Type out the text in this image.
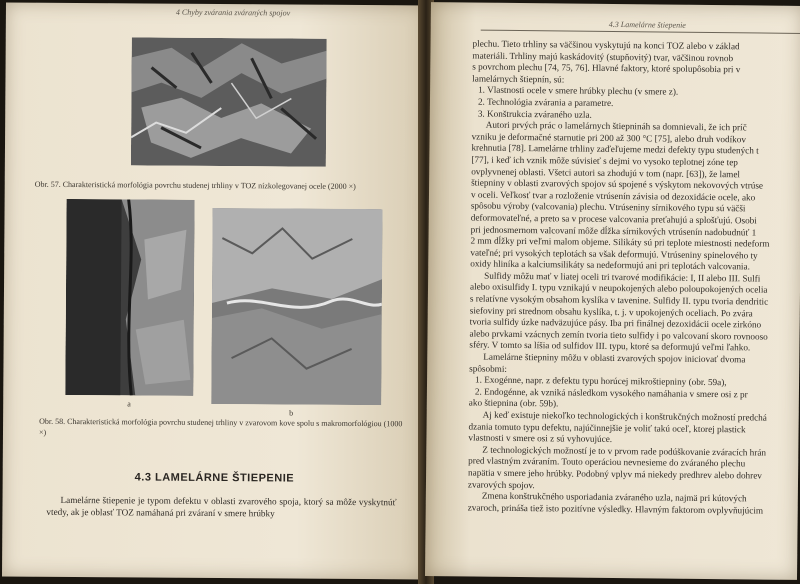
4 Chyby zvárania zváraných spojov
Obr. 57. Charakteristická morfológia povrchu studenej trhliny v TOZ nízkolegovanej ocele (2000 ×)
a
b
Obr. 58. Charakteristická morfológia povrchu studenej trhliny v zvarovom kove spolu s makromorfológiou (1000 ×)
4.3 LAMELÁRNE ŠTIEPENIE

Lamelárne štiepenie je typom defektu v oblasti zvarového spoja, ktorý sa môže vyskytnúť vtedy, ak je oblasť TOZ namáhaná pri zváraní v smere hrúbky

4.3 Lamelárne štiepenie

plechu. Tieto trhliny sa väčšinou vyskytujú na konci TOZ alebo v základ

materiáli. Trhliny majú kaskádovitý (stupňovitý) tvar, väčšinou rovnob

s povrchom plechu [74, 75, 76]. Hlavné faktory, ktoré spolupôsobia pri v

lamelárnych štiepnín, sú:

1. Vlastnosti ocele v smere hrúbky plechu (v smere z).

2. Technológia zvárania a parametre.

3. Konštrukcia zváraného uzla.

Autori prvých prác o lamelárnych štiepnináh sa domnievali, že ich príč

vzniku je deformačné starnutie pri 200 až 300 °C [75], alebo druh vodíkov

krehnutia [78]. Lamelárne trhliny zaďeľujeme medzi defekty typu studených t

[77], i keď ich vznik môže súvisieť s dejmi vo vysoko teplotnej zóne tep

ovplyvnenej oblasti. Všetci autori sa zhodujú v tom (napr. [63]), že lamel

štiepniny v oblasti zvarových spojov sú spojené s výskytom nekovových vtrúse

v oceli. Veľkosť tvar a rozloženie vtrúsenín závisia od dezoxidácie ocele, ako

spôsobu výroby (valcovania) plechu. Vtrúseniny sírnikového typu sú väčši

deformovateľné, a preto sa v procese valcovania preťahujú a splošťujú. Osobi

pri jednosmernom valcovaní môže dĺžka sírnikových vtrúsenín nadobudnúť 1

2 mm dĺžky pri veľmi malom objeme. Silikáty sú pri teplote miestnosti nedeform

vateľné; pri vysokých teplotách sa však deformujú. Vtrúseniny spinelového ty

oxidy hliníka a kalciumsilikáty sa nedeformujú ani pri teplotách valcovania.

Sulfidy môžu mať v liatej oceli tri tvarové modifikácie: I, II alebo III. Sulfi

alebo oxisulfidy I. typu vznikajú v neupokojených alebo poloupokojených ocelia

s relatívne vysokým obsahom kyslíka v tavenine. Sulfidy II. typu tvoria dendritic

siefoviny pri strednom obsahu kyslíka, t. j. v upokojených oceliach. Po zvára

tvoria sulfidy úzke nadväzujúce pásy. Iba pri finálnej dezoxidácii ocele zirkóno

alebo prvkami vzácnych zemín tvoria tieto sulfidy i po valcovaní skoro rovnooso

sféry. V tomto sa líšia od sulfidov III. typu, ktoré sa deformujú veľmi ľahko.

Lamelárne štiepniny môžu v oblasti zvarových spojov iniciovať dvoma

spôsobmi:

1. Exogénne, napr. z defektu typu horúcej mikroštiepniny (obr. 59a),

2. Endogénne, ak vzniká následkom vysokého namáhania v smere osi z pr

ako štiepnina (obr. 59b).

Aj keď existuje niekoľko technologických i konštrukčných možností predchá

dzania tomuto typu defektu, najúčinnejšie je voliť takú oceľ, ktorej plastick

vlastnosti v smere osi z sú vyhovujúce.

Z technologických možností je to v prvom rade podúškovanie zváracích hrán

pred vlastným zváraním. Touto operáciou nevnesieme do zváraného plechu

napätia v smere jeho hrúbky. Podobný vplyv má niekedy predhrev alebo dohrev

zvarových spojov.

Zmena konštrukčného usporiadania zváraného uzla, najmä pri kútových

zvaroch, prináša tiež isto pozitívne výsledky. Hlavným faktorom ovplyvňujúcim
